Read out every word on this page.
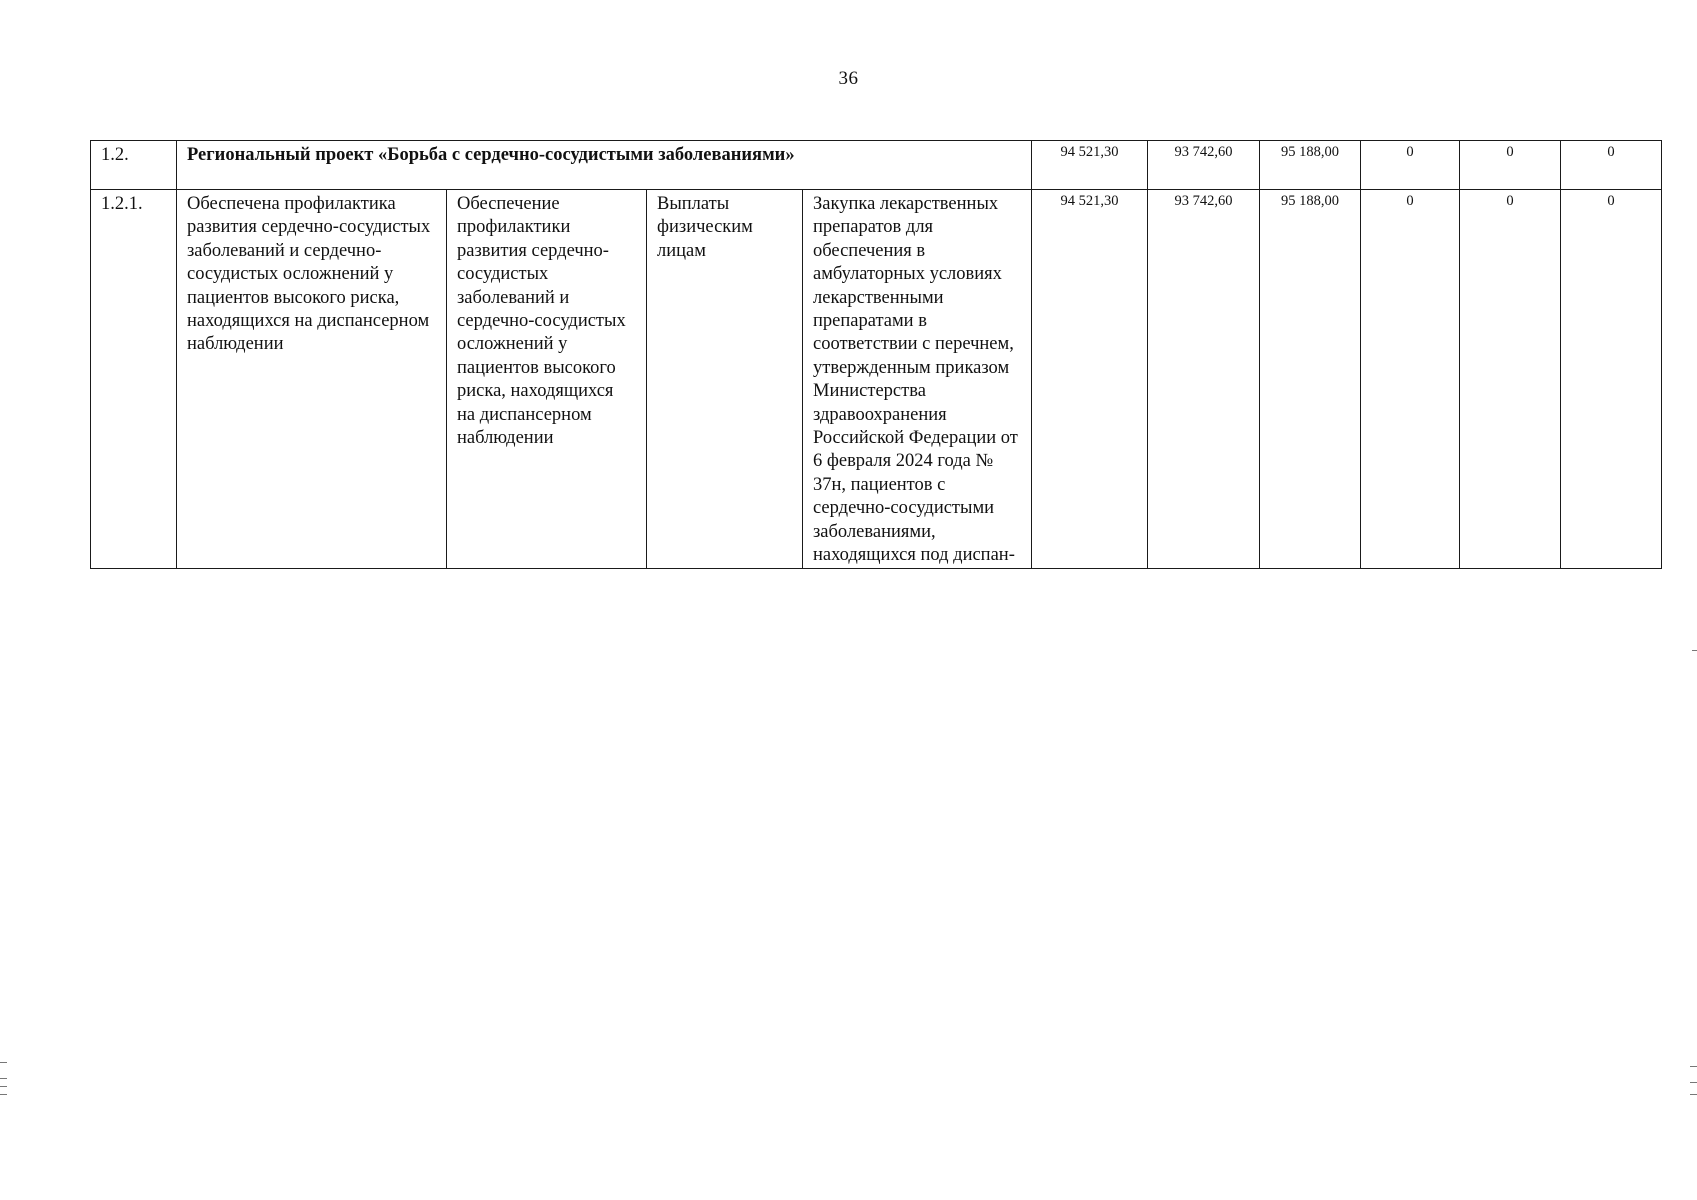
36
1.2.	Региональный проект «Борьба с сердечно-сосудистыми заболеваниями»				94 521,30	93 742,60	95 188,00	0	0	0

1.2.1.	Обеспечена профилактика развития сердечно-сосудистых заболеваний и сердечно-сосудистых осложнений у пациентов высокого риска, находящихся на диспансерном наблюдении	Обеспечение профилактики развития сердечно-сосудистых заболеваний и сердечно-сосудистых осложнений у пациентов высокого риска, находящихся на диспансерном наблюдении	Выплаты физическим лицам	Закупка лекарственных препаратов для обеспечения в амбулаторных условиях лекарственными препаратами в соответствии с перечнем, утвержденным приказом Министерства здравоохранения Российской Федерации от 6 февраля 2024 года № 37н, пациентов с сердечно-сосудистыми заболеваниями, находящихся под диспан-	94 521,30	93 742,60	95 188,00	0	0	0
